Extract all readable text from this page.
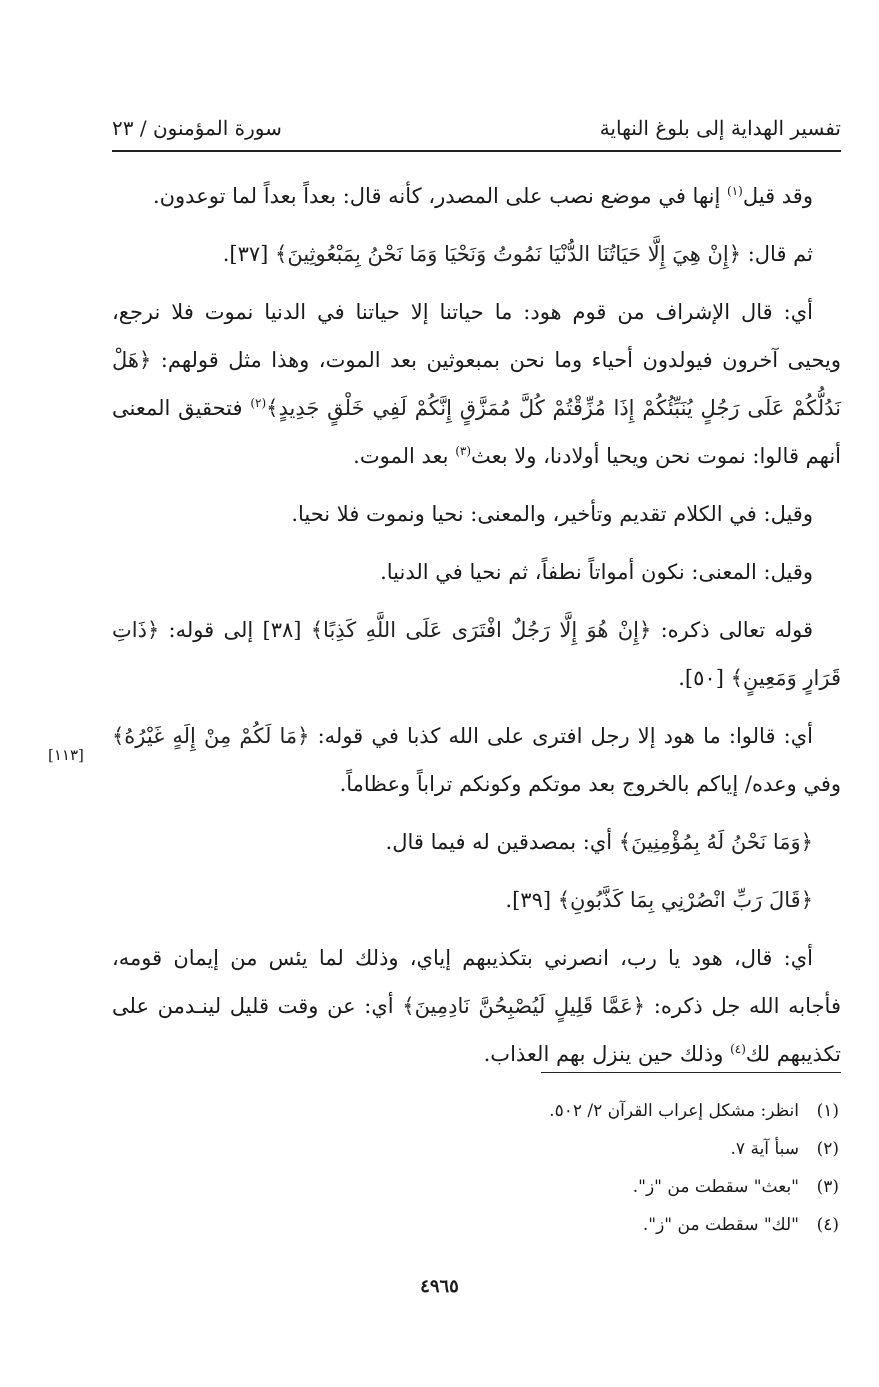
تفسير الهداية إلى بلوغ النهاية
سورة المؤمنون / ٢٣

وقد قيل$^{(١)}$ إنها في موضع نصب على المصدر، كأنه قال: بعداً بعداً لما توعدون.

ثم قال: ﴿إِنْ هِيَ إِلَّا حَيَاتُنَا الدُّنْيَا نَمُوتُ وَنَحْيَا وَمَا نَحْنُ بِمَبْعُوثِينَ﴾ [٣٧].

أي: قال الإشراف من قوم هود: ما حياتنا إلا حياتنا في الدنيا نموت فلا نرجع، ويحيى آخرون فيولدون أحياء وما نحن بمبعوثين بعد الموت، وهذا مثل قولهم: ﴿هَلْ نَدُلُّكُمْ عَلَى رَجُلٍ يُنَبِّئُكُمْ إِذَا مُزِّقْتُمْ كُلَّ مُمَزَّقٍ إِنَّكُمْ لَفِي خَلْقٍ جَدِيدٍ﴾$^{(٢)}$ فتحقيق المعنى أنهم قالوا: نموت نحن ويحيا أولادنا، ولا بعث$^{(٣)}$ بعد الموت.

وقيل: في الكلام تقديم وتأخير، والمعنى: نحيا ونموت فلا نحيا.

وقيل: المعنى: نكون أمواتاً نطفاً، ثم نحيا في الدنيا.

قوله تعالى ذكره: ﴿إِنْ هُوَ إِلَّا رَجُلٌ افْتَرَى عَلَى اللَّهِ كَذِبًا﴾ [٣٨] إلى قوله: ﴿ذَاتِ قَرَارٍ وَمَعِينٍ﴾ [٥٠].

أي: قالوا: ما هود إلا رجل افترى على الله كذبا في قوله: ﴿مَا لَكُمْ مِنْ إِلَهٍ غَيْرُهُ﴾ وفي وعده/ إياكم بالخروج بعد موتكم وكونكم تراباً وعظاماً.

﴿وَمَا نَحْنُ لَهُ بِمُؤْمِنِينَ﴾ أي: بمصدقين له فيما قال.

﴿قَالَ رَبِّ انْصُرْنِي بِمَا كَذَّبُونِ﴾ [٣٩].

أي: قال، هود يا رب، انصرني بتكذيبهم إياي، وذلك لما يئس من إيمان قومه، فأجابه الله جل ذكره: ﴿عَمَّا قَلِيلٍ لَيُصْبِحُنَّ نَادِمِينَ﴾ أي: عن وقت قليل لينـدمن على تكذيبهم لك$^{(٤)}$ وذلك حين ينزل بهم العذاب.

[١١٣]
(١)انظر: مشكل إعراب القرآن ٢/ ٥٠٢.
(٢)سبأ آية ٧.
(٣)"بعث" سقطت من "ز".
(٤)"لك" سقطت من "ز".
٤٩٦٥
